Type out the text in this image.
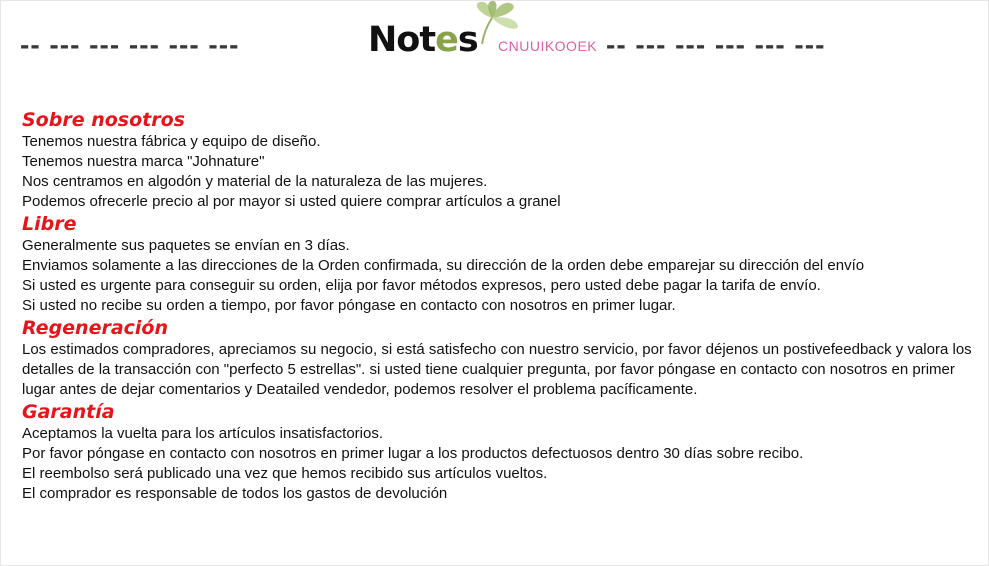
-- --- --- --- --- ---	Notes CNUUIKOOEK -- --- --- --- --- ---
Sobre nosotros

Tenemos nuestra fábrica y equipo de diseño.

Tenemos nuestra marca "Johnature"

Nos centramos en algodón y material de la naturaleza de las mujeres.

Podemos ofrecerle precio al por mayor si usted quiere comprar artículos a granel

Libre

Generalmente sus paquetes se envían en 3 días.

Enviamos solamente a las direcciones de la Orden confirmada, su dirección de la orden debe emparejar su dirección del envío

Si usted es urgente para conseguir su orden, elija por favor métodos expresos, pero usted debe pagar la tarifa de envío.

Si usted no recibe su orden a tiempo, por favor póngase en contacto con nosotros en primer lugar.

Regeneración

Los estimados compradores, apreciamos su negocio, si está satisfecho con nuestro servicio, por favor déjenos un postivefeedback y valora los detalles de la transacción con "perfecto 5 estrellas". si usted tiene cualquier pregunta, por favor póngase en contacto con nosotros en primer lugar antes de dejar comentarios y Deatailed vendedor, podemos resolver el problema pacíficamente.

Garantía

Aceptamos la vuelta para los artículos insatisfactorios.

Por favor póngase en contacto con nosotros en primer lugar a los productos defectuosos dentro 30 días sobre recibo.

El reembolso será publicado una vez que hemos recibido sus artículos vueltos.

El comprador es responsable de todos los gastos de devolución
